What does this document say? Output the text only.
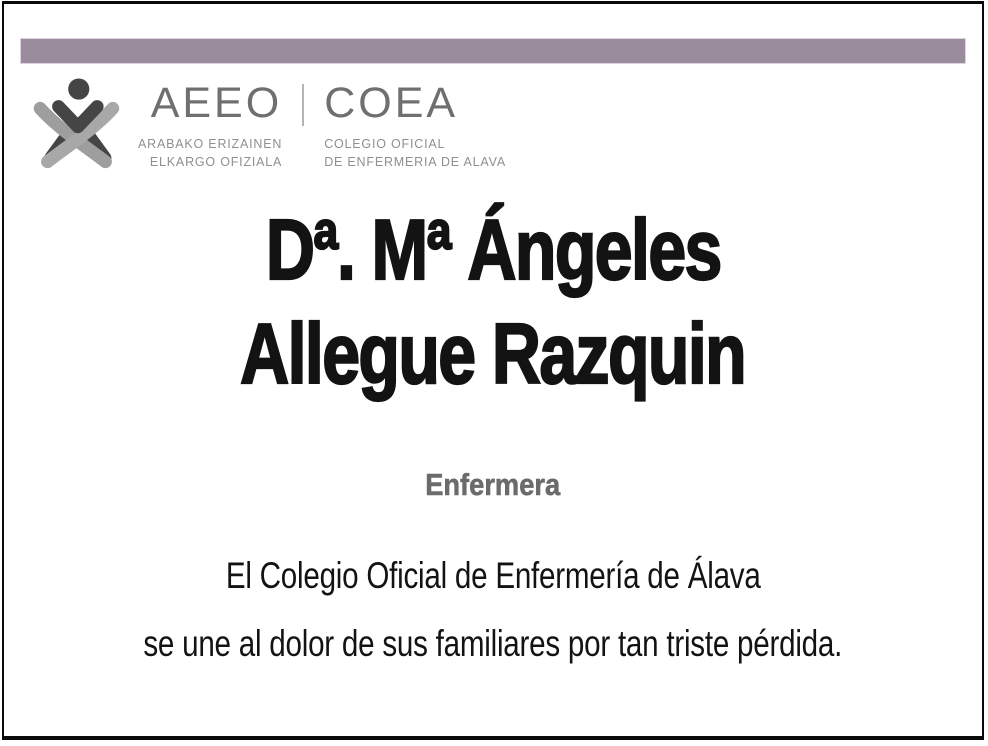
AEEO
ARABAKO ERIZAINEN
ELKARGO OFIZIALA
COEA
COLEGIO OFICIAL
DE ENFERMERIA DE ALAVA
Dª. Mª Ángeles
Allegue Razquin
Enfermera
El Colegio Oficial de Enfermería de Álava
se une al dolor de sus familiares por tan triste pérdida.
